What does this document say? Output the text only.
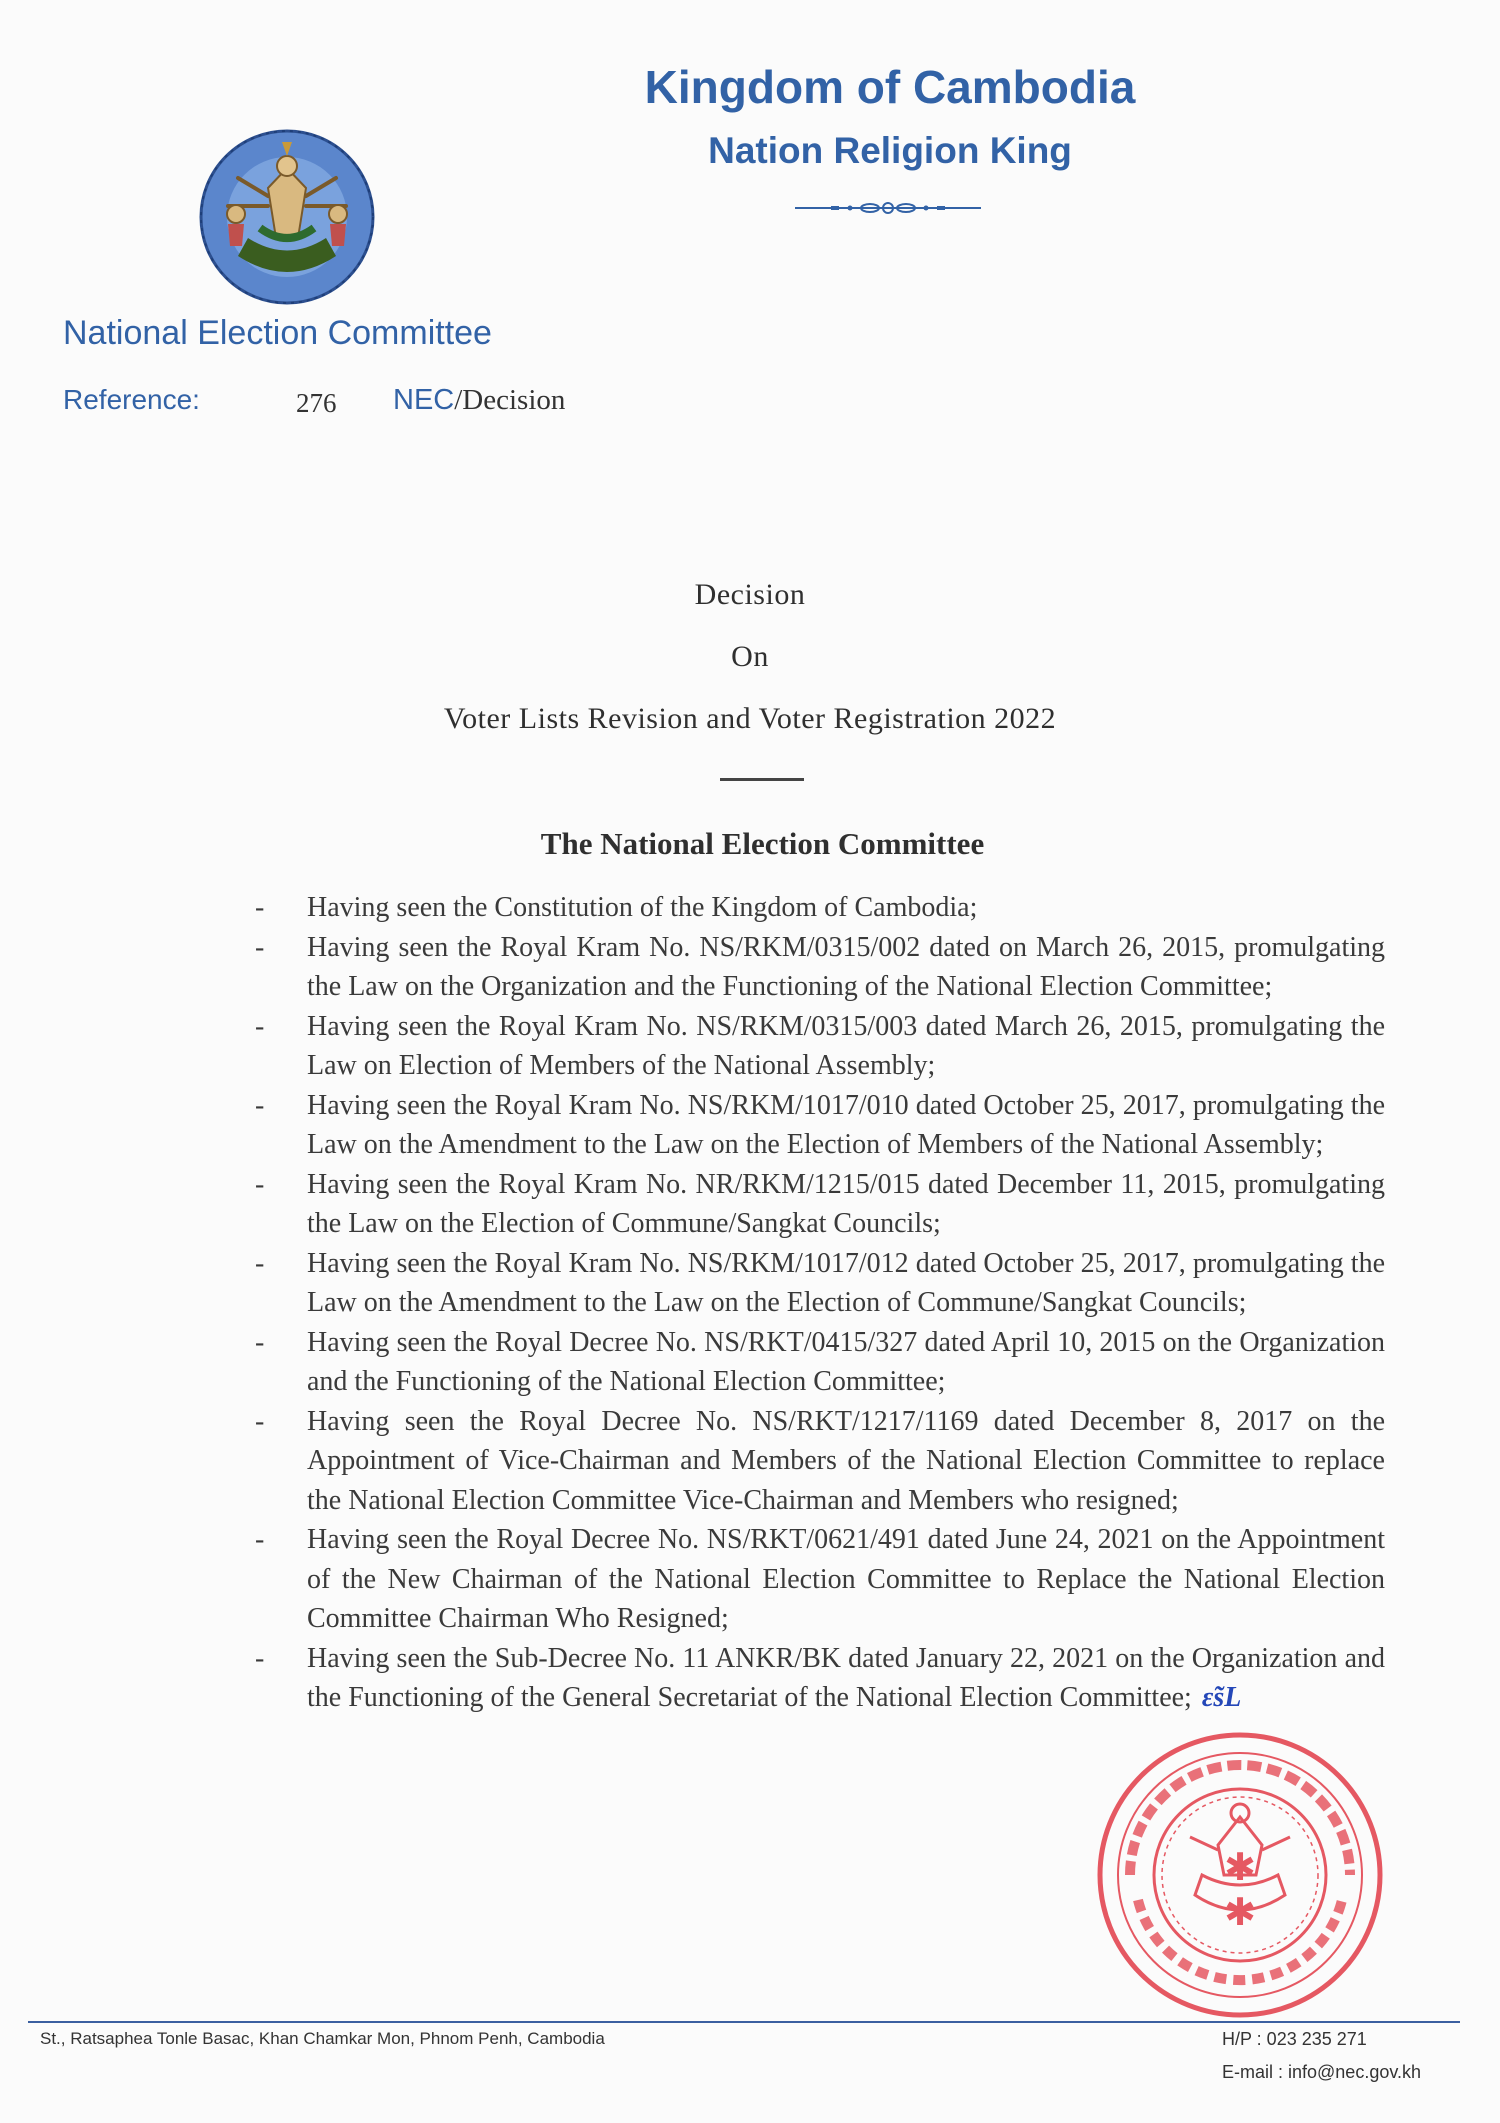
Kingdom of Cambodia
Nation Religion King
National Election Committee
Reference:	276 NEC/Decision
Decision
On
Voter Lists Revision and Voter Registration 2022
The National Election Committee
- Having seen the Constitution of the Kingdom of Cambodia;
- Having seen the Royal Kram No. NS/RKM/0315/002 dated on March 26, 2015, promulgating the Law on the Organization and the Functioning of the National Election Committee;
- Having seen the Royal Kram No. NS/RKM/0315/003 dated March 26, 2015, promulgating the Law on Election of Members of the National Assembly;
- Having seen the Royal Kram No. NS/RKM/1017/010 dated October 25, 2017, promulgating the Law on the Amendment to the Law on the Election of Members of the National Assembly;
- Having seen the Royal Kram No. NR/RKM/1215/015 dated December 11, 2015, promulgating the Law on the Election of Commune/Sangkat Councils;
- Having seen the Royal Kram No. NS/RKM/1017/012 dated October 25, 2017, promulgating the Law on the Amendment to the Law on the Election of Commune/Sangkat Councils;
- Having seen the Royal Decree No. NS/RKT/0415/327 dated April 10, 2015 on the Organization and the Functioning of the National Election Committee;
- Having seen the Royal Decree No. NS/RKT/1217/1169 dated December 8, 2017 on the Appointment of Vice-Chairman and Members of the National Election Committee to replace the National Election Committee Vice-Chairman and Members who resigned;
- Having seen the Royal Decree No. NS/RKT/0621/491 dated June 24, 2021 on the Appointment of the New Chairman of the National Election Committee to Replace the National Election Committee Chairman Who Resigned;
- Having seen the Sub-Decree No. 11 ANKR/BK dated January 22, 2021 on the Organization and the Functioning of the General Secretariat of the National Election Committee; ɛ̃sL
✱
✱
St., Ratsaphea Tonle Basac, Khan Chamkar Mon, Phnom Penh, Cambodia	H/P : 023 235 271
E-mail : info@nec.gov.kh
